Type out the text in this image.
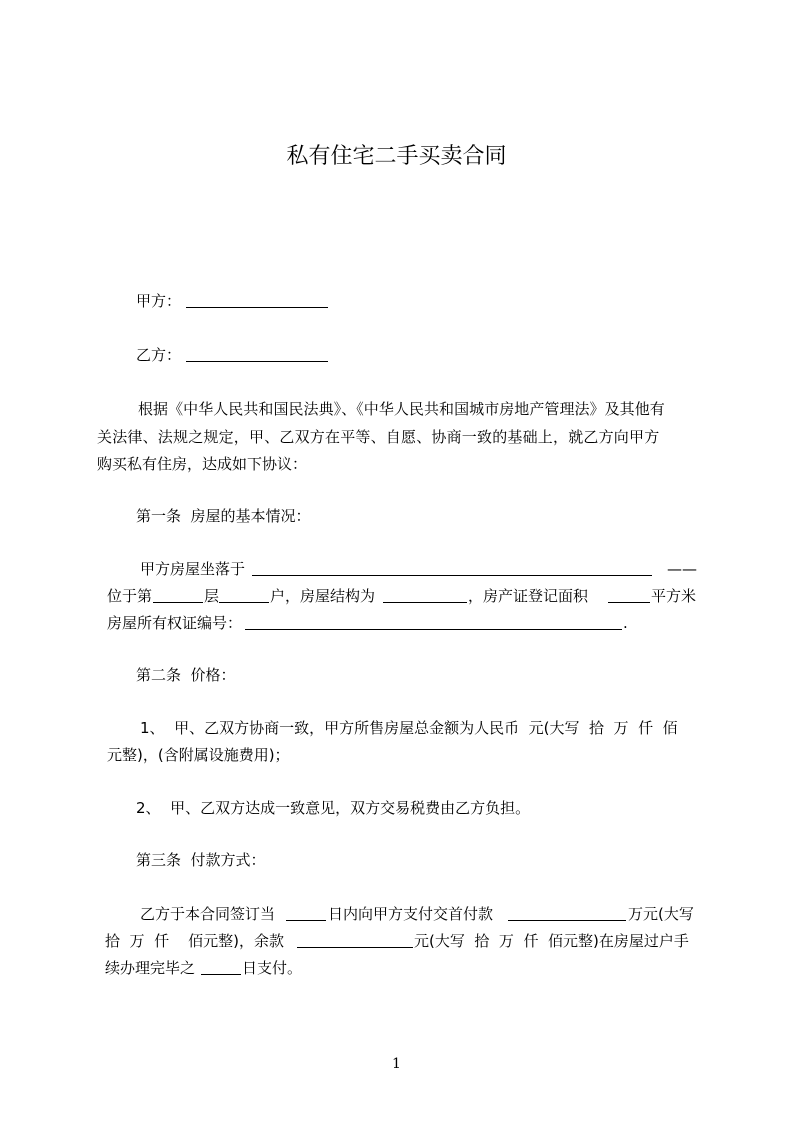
私有住宅二手买卖合同
甲方：
乙方：
根据《中华人民共和国民法典》、《中华人民共和国城市房地产管理法》及其他有
关法律、法规之规定，甲、乙双方在平等、自愿、协商一致的基础上，就乙方向甲方
购买私有住房，达成如下协议：
第一条  房屋的基本情况：
甲方房屋坐落于	——
位于第	层	户，房屋结构为	，房产证登记面积	平方米
房屋所有权证编号：	.
第二条  价格：
1、  甲、乙双方协商一致，甲方所售房屋总金额为人民币  元(大写  拾  万  仟  佰
元整)，(含附属设施费用)；
2、  甲、乙双方达成一致意见，双方交易税费由乙方负担。
第三条  付款方式：
乙方于本合同签订当	日内向甲方支付交首付款	万元(大写
拾  万  仟    佰元整)，余款	元(大写  拾  万  仟  佰元整)在房屋过户手
续办理完毕之	日支付。
1
